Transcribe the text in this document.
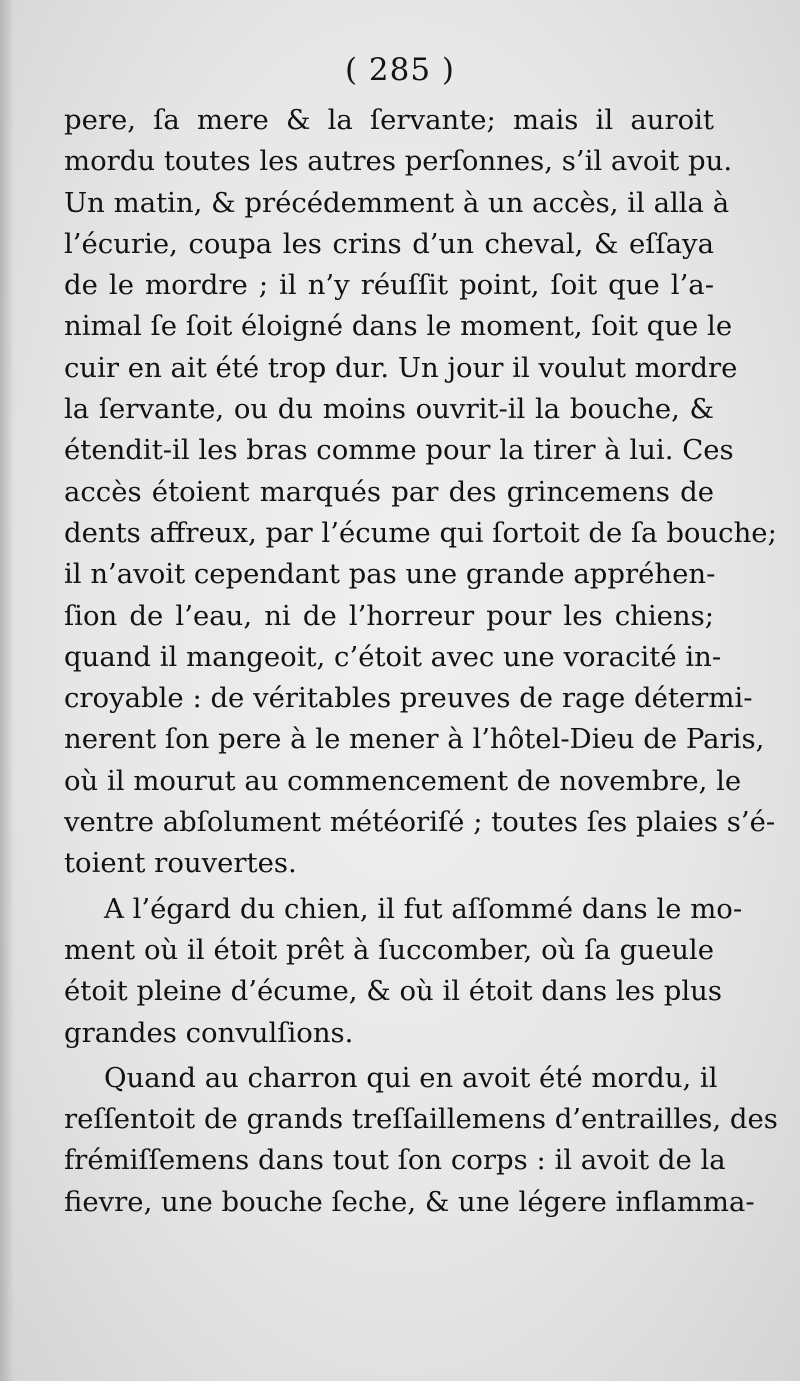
( 285 )
pere, ſa mere & la ſervante; mais il auroit
mordu toutes les autres perſonnes, s’il avoit pu.
Un matin, & précédemment à un accès, il alla à
l’écurie, coupa les crins d’un cheval, & eſſaya
de le mordre ; il n’y réuſſit point, ſoit que l’a-
nimal ſe ſoit éloigné dans le moment, ſoit que le
cuir en ait été trop dur. Un jour il voulut mordre
la ſervante, ou du moins ouvrit-il la bouche, &
étendit-il les bras comme pour la tirer à lui. Ces
accès étoient marqués par des grincemens de
dents affreux, par l’écume qui ſortoit de ſa bouche;
il n’avoit cependant pas une grande appréhen-
ſion de l’eau, ni de l’horreur pour les chiens;
quand il mangeoit, c’étoit avec une voracité in-
croyable : de véritables preuves de rage détermi-
nerent ſon pere à le mener à l’hôtel-Dieu de Paris,
où il mourut au commencement de novembre, le
ventre abſolument météoriſé ; toutes ſes plaies s’é-
toient rouvertes.
A l’égard du chien, il fut aſſommé dans le mo-
ment où il étoit prêt à ſuccomber, où ſa gueule
étoit pleine d’écume, & où il étoit dans les plus
grandes convulſions.
Quand au charron qui en avoit été mordu, il
reſſentoit de grands treſſaillemens d’entrailles, des
frémiſſemens dans tout ſon corps : il avoit de la
fievre, une bouche ſeche, & une légere inflamma-
